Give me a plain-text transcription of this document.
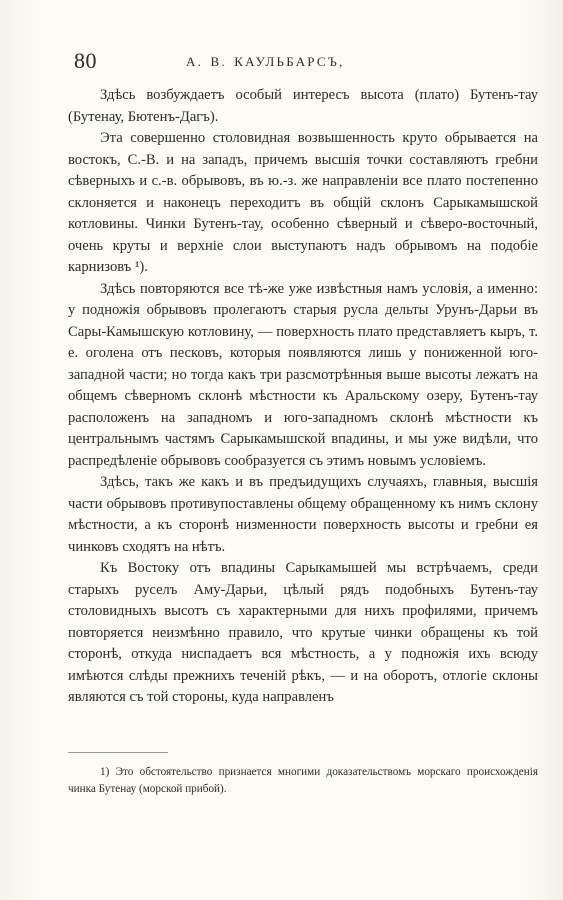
80	А. В. КАУЛЬБАРСЪ,

Здѣсь возбуждаетъ особый интересъ высота (плато) Бутенъ-тау (Бутенау, Бютенъ-Дагъ).

Эта совершенно столовидная возвышенность круто обрывается на востокъ, С.-В. и на западъ, причемъ высшія точки составляютъ гребни сѣверныхъ и с.-в. обрывовъ, въ ю.-з. же направленіи все плато постепенно склоняется и наконецъ переходитъ въ общій склонъ Сарыкамышской котловины. Чинки Бутенъ-тау, особенно сѣверный и сѣверо-восточный, очень круты и верхніе слои выступаютъ надъ обрывомъ на подобіе карнизовъ ¹).

Здѣсь повторяются все тѣ-же уже извѣстныя намъ условія, а именно: у подножія обрывовъ пролегаютъ старыя русла дельты Урунъ-Дарьи въ Сары-Камышскую котловину, — поверхность плато представляетъ кыръ, т. е. оголена отъ песковъ, которыя появляются лишь у пониженной юго-западной части; но тогда какъ три разсмотрѣнныя выше высоты лежатъ на общемъ сѣверномъ склонѣ мѣстности къ Аральскому озеру, Бутенъ-тау расположенъ на западномъ и юго-западномъ склонѣ мѣстности къ центральнымъ частямъ Сарыкамышской впадины, и мы уже видѣли, что распредѣленіе обрывовъ сообразуется съ этимъ новымъ условіемъ.

Здѣсь, такъ же какъ и въ предъидущихъ случаяхъ, главныя, высшія части обрывовъ противупоставлены общему обращенному къ нимъ склону мѣстности, а къ сторонѣ низменности поверхность высоты и гребни ея чинковъ сходятъ на нѣтъ.

Къ Востоку отъ впадины Сарыкамышей мы встрѣчаемъ, среди старыхъ руселъ Аму-Дарьи, цѣлый рядъ подобныхъ Бутенъ-тау столовидныхъ высотъ съ характерными для нихъ профилями, причемъ повторяется неизмѣнно правило, что крутые чинки обращены къ той сторонѣ, откуда ниспадаетъ вся мѣстность, а у подножія ихъ всюду имѣются слѣды прежнихъ теченій рѣкъ, — и на оборотъ, отлогіе склоны являются съ той стороны, куда направленъ

1) Это обстоятельство признается многими доказательствомъ морскаго происхожденія чинка Бутенау (морской прибой).
